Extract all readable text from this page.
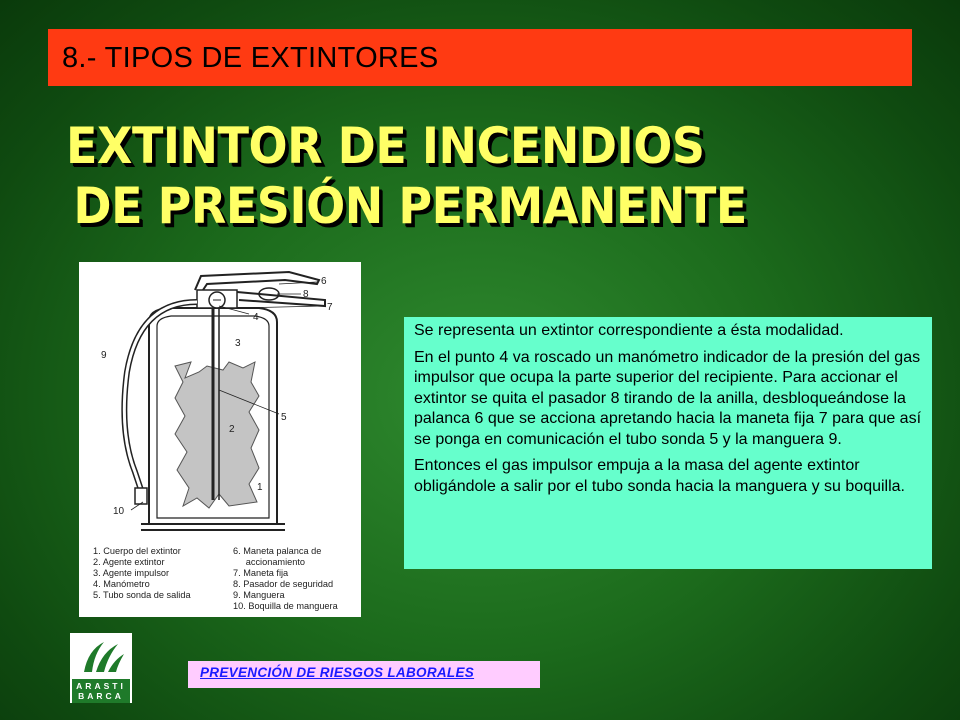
8.- TIPOS DE EXTINTORES
EXTINTOR DE INCENDIOS
DE PRESIÓN PERMANENTE
1
2
3
4
5
6
7
8
9
10
1. Cuerpo del extintor
2. Agente extintor
3. Agente impulsor
4. Manómetro
5. Tubo sonda de salida
6. Maneta palanca de
accionamiento
7. Maneta fija
8. Pasador de seguridad
9. Manguera
10. Boquilla de manguera

Se representa un extintor correspondiente a ésta modalidad.

En el punto 4 va roscado un manómetro indicador de la presión del gas impulsor que ocupa la parte superior del recipiente. Para accionar el extintor se quita el pasador 8 tirando de la anilla, desbloqueándose la palanca 6 que se acciona apretando hacia la maneta fija 7 para que así se ponga en comunicación el tubo sonda 5 y la manguera 9.

Entonces el gas impulsor empuja a la masa del agente extintor obligándole a salir por el tubo sonda hacia la manguera y su boquilla.

ARASTI
BARCA
PREVENCIÓN DE RIESGOS LABORALES
